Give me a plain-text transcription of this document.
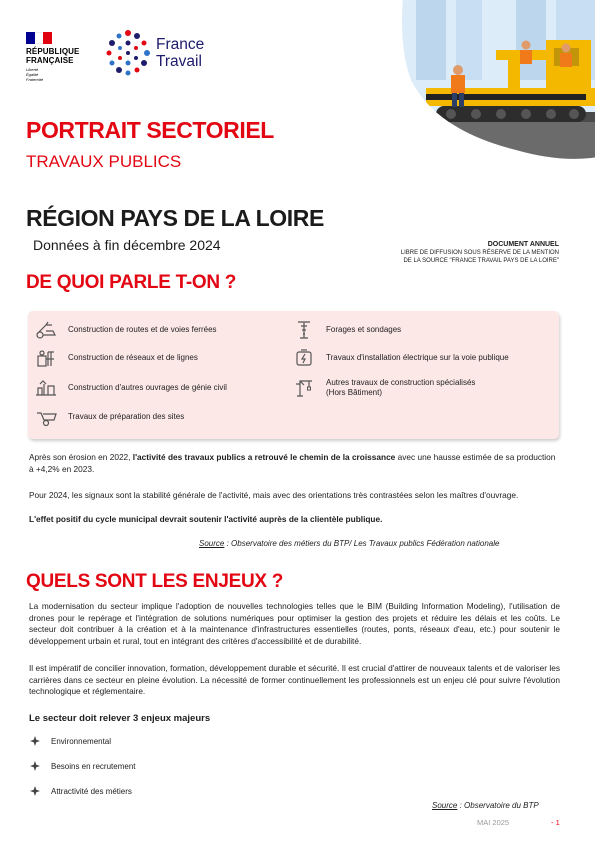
RÉPUBLIQUE
FRANÇAISE
Liberté
Égalité
Fraternité
France
Travail
PORTRAIT SECTORIEL
TRAVAUX PUBLICS
RÉGION PAYS DE LA LOIRE
Données à fin décembre 2024	DOCUMENT ANNUEL
LIBRE DE DIFFUSION SOUS RÉSERVE DE LA MENTION
DE LA SOURCE "FRANCE TRAVAIL PAYS DE LA LOIRE"
DE QUOI PARLE T-ON ?
Construction de routes et de voies ferrées
Construction de réseaux et de lignes
Construction d'autres ouvrages de génie civil
Travaux de préparation des sites
Forages et sondages
Travaux d'installation électrique sur la voie publique
Autres travaux de construction spécialisés
(Hors Bâtiment)
Après son érosion en 2022, l'activité des travaux publics a retrouvé le chemin de la croissance avec une hausse estimée de sa production à +4,2% en 2023.
Pour 2024, les signaux sont la stabilité générale de l'activité, mais avec des orientations très contrastées selon les maîtres d'ouvrage.
L'effet positif du cycle municipal devrait soutenir l'activité auprès de la clientèle publique.
Source : Observatoire des métiers du BTP/ Les Travaux publics Fédération nationale
QUELS SONT LES ENJEUX ?
La modernisation du secteur implique l'adoption de nouvelles technologies telles que le BIM (Building Information Modeling), l'utilisation de drones pour le repérage et l'intégration de solutions numériques pour optimiser la gestion des projets et réduire les délais et les coûts. Le secteur doit contribuer à la création et à la maintenance d'infrastructures essentielles (routes, ponts, réseaux d'eau, etc.) pour soutenir le développement urbain et rural, tout en intégrant des critères d'accessibilité et de durabilité.
Il est impératif de concilier innovation, formation, développement durable et sécurité. Il est crucial d'attirer de nouveaux talents et de valoriser les carrières dans ce secteur en pleine évolution. La nécessité de former continuellement les professionnels est un enjeu clé pour suivre l'évolution technologique et réglementaire.
Le secteur doit relever 3 enjeux majeurs
Environnemental
Besoins en recrutement
Attractivité des métiers
Source : Observatoire du BTP
MAI 2025	- 1
